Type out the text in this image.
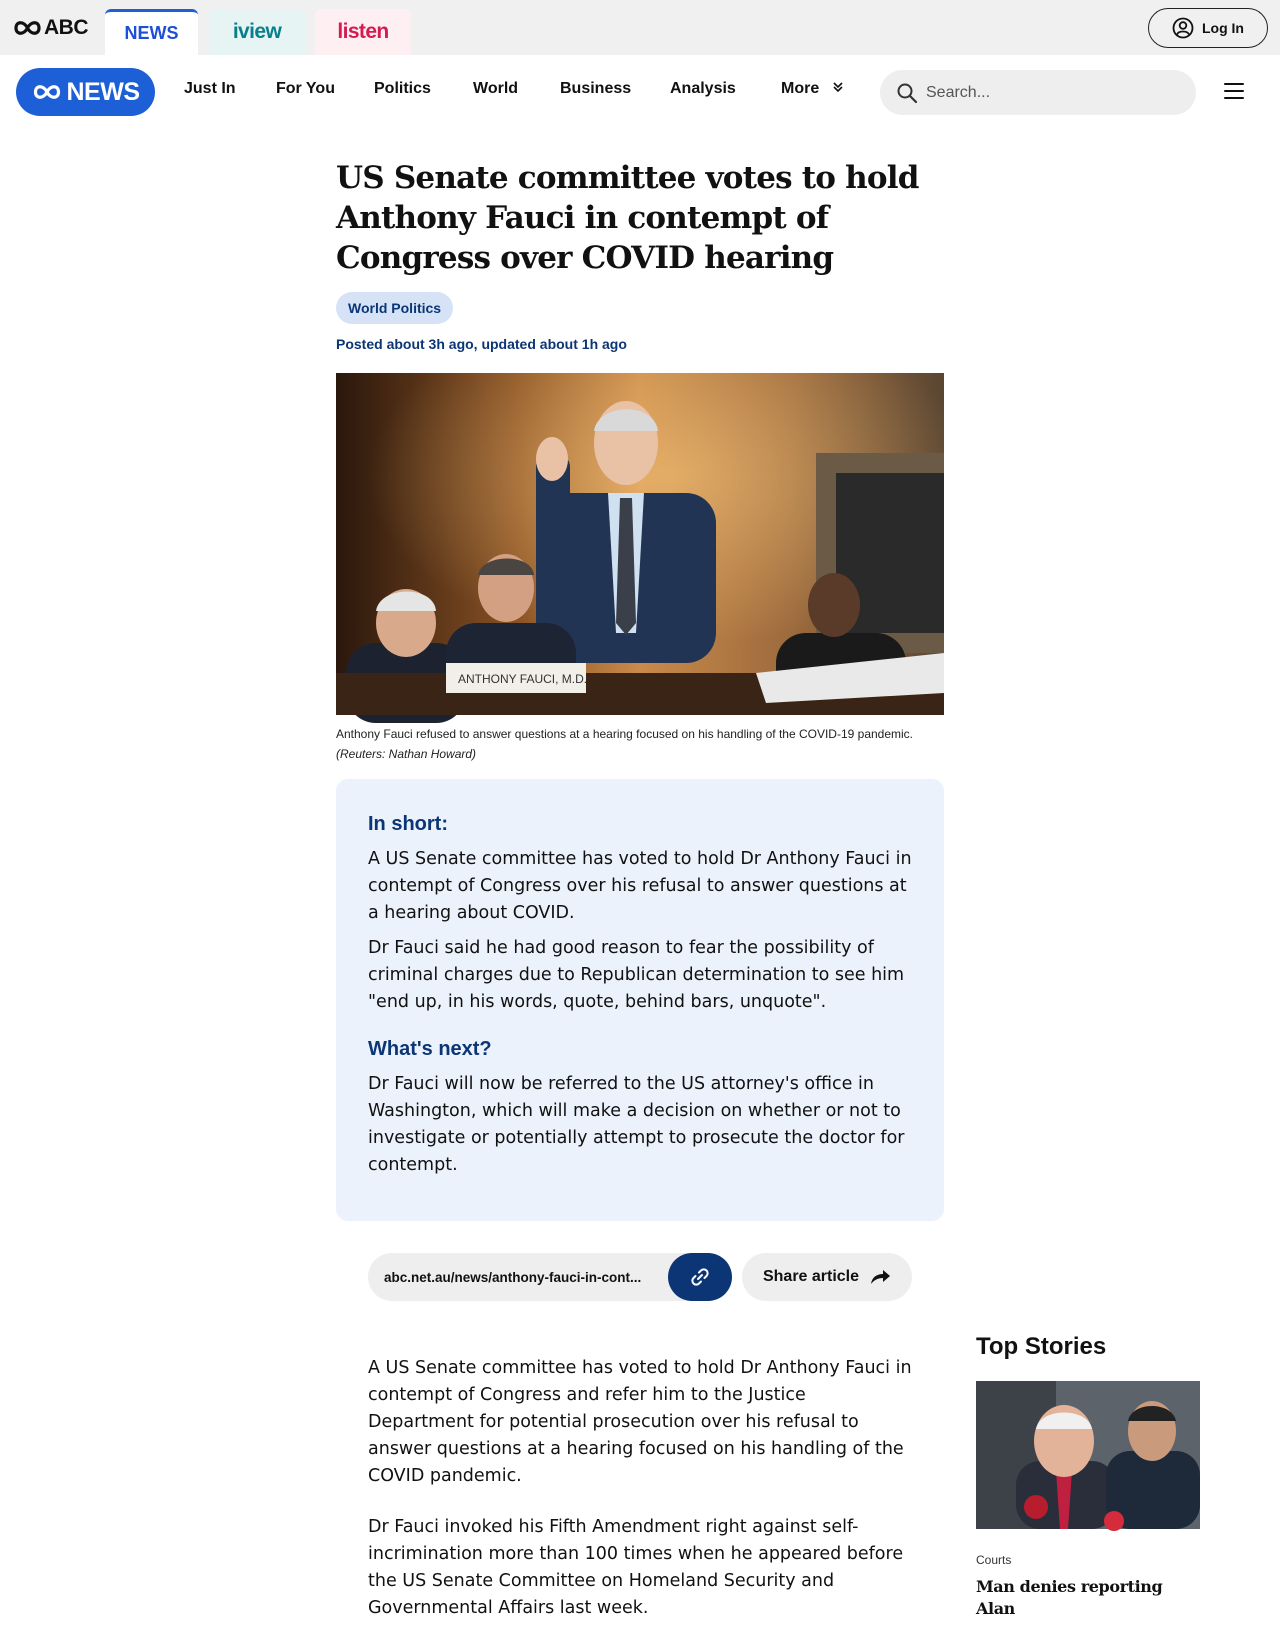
ABC	NEWS	iview	listen	Log In
NEWS	Just In	For You Politics	World	Business Analysis	More
Search...
US Senate committee votes to hold Anthony Fauci in contempt of Congress over COVID hearing
World Politics
Posted about 3h ago, updated about 1h ago
ANTHONY FAUCI, M.D.
Anthony Fauci refused to answer questions at a hearing focused on his handling of the COVID-19 pandemic. (Reuters: Nathan Howard)
In short:

A US Senate committee has voted to hold Dr Anthony Fauci in contempt of Congress over his refusal to answer questions at a hearing about COVID.

Dr Fauci said he had good reason to fear the possibility of criminal charges due to Republican determination to see him "end up, in his words, quote, behind bars, unquote".

What's next?

Dr Fauci will now be referred to the US attorney's office in Washington, which will make a decision on whether or not to investigate or potentially attempt to prosecute the doctor for contempt.

abc.net.au/news/anthony-fauci-in-cont...	Share article

A US Senate committee has voted to hold Dr Anthony Fauci in contempt of Congress and refer him to the Justice Department for potential prosecution over his refusal to answer questions at a hearing focused on his handling of the COVID pandemic.

Dr Fauci invoked his Fifth Amendment right against self-incrimination more than 100 times when he appeared before the US Senate Committee on Homeland Security and Governmental Affairs last week.

Top Stories
Courts
Man denies reporting Alan
